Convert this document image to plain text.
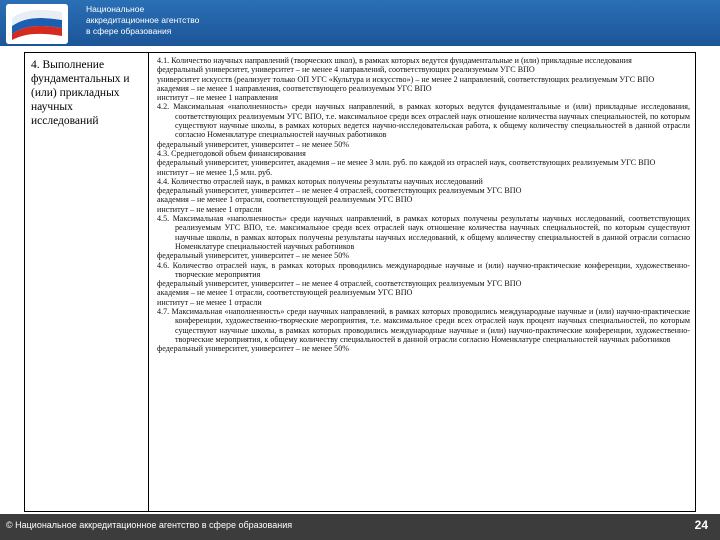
Национальное
аккредитационное агентство
в сфере образования
4. Выполнение фундаментальных и (или) прикладных научных исследований

4.1. Количество научных направлений (творческих школ), в рамках которых ведутся фундаментальные и (или) прикладные исследования

федеральный университет, университет – не менее 4 направлений, соответствующих реализуемым УГС ВПО

университет искусств (реализует только ОП УГС «Культура и искусство») – не менее 2 направлений, соответствующих реализуемым УГС ВПО

академия – не менее 1 направления, соответствующего реализуемым УГС ВПО

институт – не менее 1 направления

4.2. Максимальная «наполненность» среди научных направлений, в рамках которых ведутся фундаментальные и (или) прикладные исследования, соответствующих реализуемым УГС ВПО, т.е. максимальное среди всех отраслей наук отношение количества научных специальностей, по которым существуют научные школы, в рамках которых ведется научно-исследовательская работа, к общему количеству специальностей в данной отрасли согласно Номенклатуре специальностей научных работников

федеральный университет, университет – не менее 50%

4.3. Среднегодовой объем финансирования

федеральный университет, университет, академия – не менее 3 млн. руб. по каждой из отраслей наук, соответствующих реализуемым УГС ВПО

институт – не менее 1,5 млн. руб.

4.4. Количество отраслей наук, в рамках которых получены результаты научных исследований

федеральный университет, университет – не менее 4 отраслей, соответствующих реализуемым УГС ВПО

академия – не менее 1 отрасли, соответствующей реализуемым УГС ВПО

институт – не менее 1 отрасли

4.5. Максимальная «наполненность» среди научных направлений, в рамках которых получены результаты научных исследований, соответствующих реализуемым УГС ВПО, т.е. максимальное среди всех отраслей наук отношение количества научных специальностей, по которым существуют научные школы, в рамках которых получены результаты научных исследований, к общему количеству специальностей в данной отрасли согласно Номенклатуре специальностей научных работников

федеральный университет, университет – не менее 50%

4.6. Количество отраслей наук, в рамках которых проводились международные научные и (или) научно-практические конференции, художественно-творческие мероприятия

федеральный университет, университет – не менее 4 отраслей, соответствующих реализуемым УГС ВПО

академия – не менее 1 отрасли, соответствующей реализуемым УГС ВПО

институт – не менее 1 отрасли

4.7. Максимальная «наполненность» среди научных направлений, в рамках которых проводились международные научные и (или) научно-практические конференции, художественно-творческие мероприятия, т.е. максимальное среди всех отраслей наук процент научных специальностей, по которым существуют научные школы, в рамках которых проводились международные научные и (или) научно-практические конференции, художественно-творческие мероприятия, к общему количеству специальностей в данной отрасли согласно Номенклатуре специальностей научных работников

федеральный университет, университет – не менее 50%

© Национальное аккредитационное агентство в сфере образования	24
